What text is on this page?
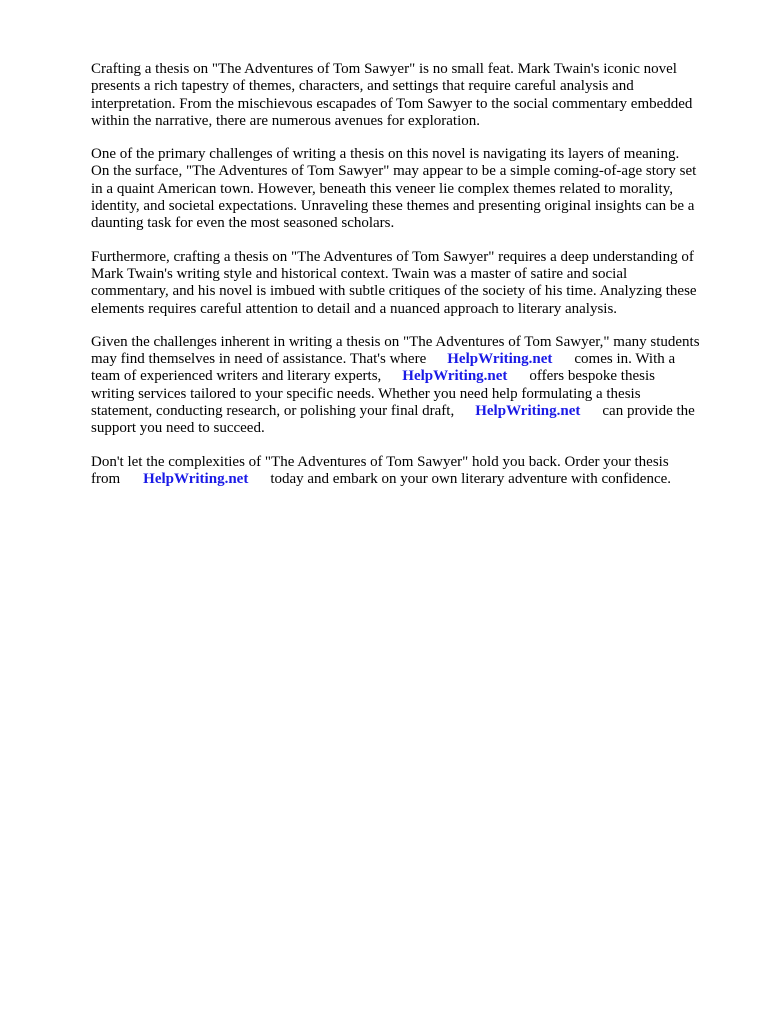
Crafting a thesis on "The Adventures of Tom Sawyer" is no small feat. Mark Twain's iconic novel
presents a rich tapestry of themes, characters, and settings that require careful analysis and
interpretation. From the mischievous escapades of Tom Sawyer to the social commentary embedded
within the narrative, there are numerous avenues for exploration.

One of the primary challenges of writing a thesis on this novel is navigating its layers of meaning.
On the surface, "The Adventures of Tom Sawyer" may appear to be a simple coming-of-age story set
in a quaint American town. However, beneath this veneer lie complex themes related to morality,
identity, and societal expectations. Unraveling these themes and presenting original insights can be a
daunting task for even the most seasoned scholars.

Furthermore, crafting a thesis on "The Adventures of Tom Sawyer" requires a deep understanding of
Mark Twain's writing style and historical context. Twain was a master of satire and social
commentary, and his novel is imbued with subtle critiques of the society of his time. Analyzing these
elements requires careful attention to detail and a nuanced approach to literary analysis.

Given the challenges inherent in writing a thesis on "The Adventures of Tom Sawyer," many students
may find themselves in need of assistance. That's where HelpWriting.net comes in. With a
team of experienced writers and literary experts, HelpWriting.net offers bespoke thesis
writing services tailored to your specific needs. Whether you need help formulating a thesis
statement, conducting research, or polishing your final draft, HelpWriting.net can provide the
support you need to succeed.

Don't let the complexities of "The Adventures of Tom Sawyer" hold you back. Order your thesis
from HelpWriting.net today and embark on your own literary adventure with confidence.
